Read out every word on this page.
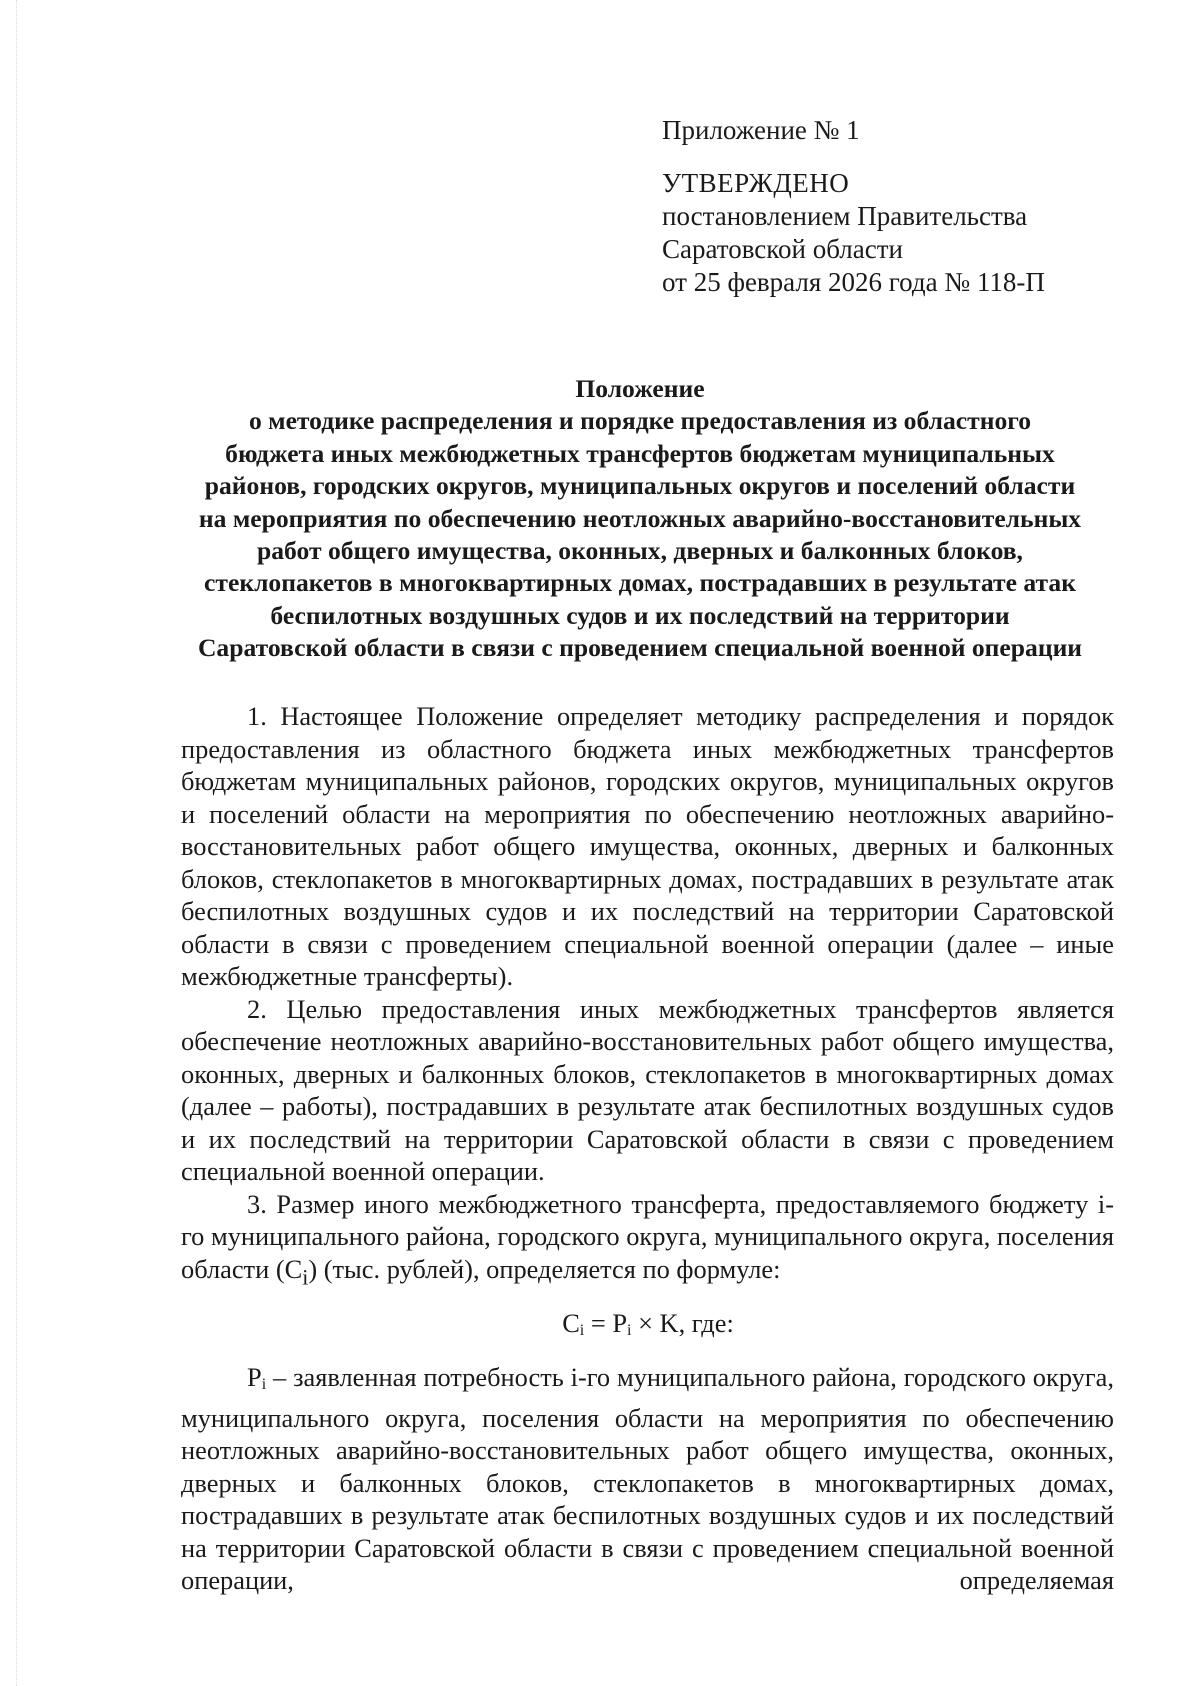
Приложение № 1
УТВЕРЖДЕНО
постановлением Правительства
Саратовской области
от 25 февраля 2026 года № 118-П
Положение
о методике распределения и порядке предоставления из областного
бюджета иных межбюджетных трансфертов бюджетам муниципальных
районов, городских округов, муниципальных округов и поселений области
на мероприятия по обеспечению неотложных аварийно-восстановительных
работ общего имущества, оконных, дверных и балконных блоков,
стеклопакетов в многоквартирных домах, пострадавших в результате атак
беспилотных воздушных судов и их последствий на территории
Саратовской области в связи с проведением специальной военной операции

1. Настоящее Положение определяет методику распределения и порядок предоставления из областного бюджета иных межбюджетных трансфертов бюджетам муниципальных районов, городских округов, муниципальных округов и поселений области на мероприятия по обеспечению неотложных аварийно-восстановительных работ общего имущества, оконных, дверных и балконных блоков, стеклопакетов в многоквартирных домах, пострадавших в результате атак беспилотных воздушных судов и их последствий на территории Саратовской области в связи с проведением специальной военной операции (далее – иные межбюджетные трансферты).

2. Целью предоставления иных межбюджетных трансфертов является обеспечение неотложных аварийно-восстановительных работ общего имущества, оконных, дверных и балконных блоков, стеклопакетов в многоквартирных домах (далее – работы), пострадавших в результате атак беспилотных воздушных судов и их последствий на территории Саратовской области в связи с проведением специальной военной операции.

3. Размер иного межбюджетного трансферта, предоставляемого бюджету i-го муниципального района, городского округа, муниципального округа, поселения области $(C_i)$ (тыс. рублей), определяется по формуле:

$C_i = P_i \times K$, где:

$P_i$ – заявленная потребность i-го муниципального района, городского округа, муниципального округа, поселения области на мероприятия по обеспечению неотложных аварийно-восстановительных работ общего имущества, оконных, дверных и балконных блоков, стеклопакетов в многоквартирных домах, пострадавших в результате атак беспилотных воздушных судов и их последствий на территории Саратовской области в связи с проведением специальной военной операции, определяемая
